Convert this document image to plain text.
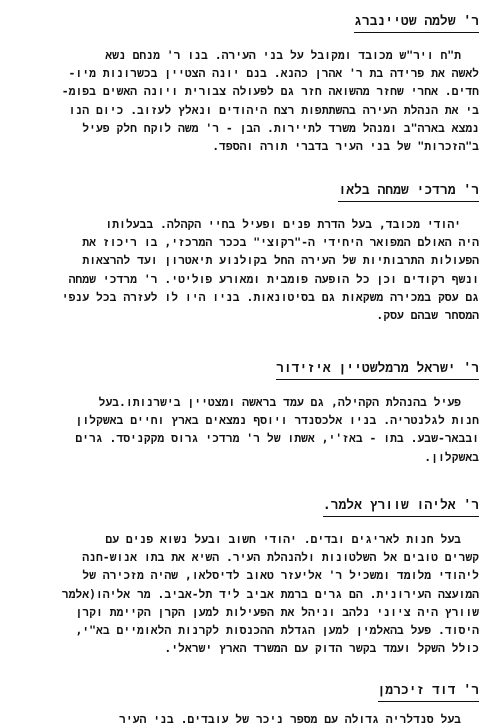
ר' שלמה שטיינברג
ת"ח ויר"ש מכובד ומקובל על בני העירה. בנו ר' מנחם נשא
לאשה את פרידה בת ר' אהרן כהנא. בנם יונה הצטיין בכשרונות מיו-
חדים. אחרי שחזר מהשואה חזר גם לפעולה צבורית ויונה האשים בפומ-
בי את הנהלת העירה בהשתתפות רצח היהודים ונאלץ לעזוב. כיום הנו
נמצא בארה"ב ומנהל משרד לתיירות. הבן - ר' משה לוקח חלק פעיל
ב"הזכרות" של בני העיר בדברי תורה והספד.
ר' מרדכי שמחה בלאו
יהודי מכובד, בעל הדרת פנים ופעיל בחיי הקהלה. בבעלותו
היה האולם המפואר היחידי ה-"רקוצי" בככר המרכזי, בו ריכוז את
הפעולות התרבותיות של העירה החל בקולנוע תיאטרון ועד להרצאות
ונשף רקודים וכן כל הופעה פומבית ומאורע פוליטי. ר' מרדכי שמחה
גם עסק במכירה משקאות גם בסיטונאות. בניו היו לו לעזרה בכל ענפי
המסחר שבהם עסק.
ר' ישראל מרמלשטיין איזידור
פעיל בהנהלת הקהילה, גם עמד בראשה ומצטיין בישרנותו.בעל
חנות לגלנטריה. בניו אלכסנדר ויוסף נמצאים בארץ וחיים באשקלון
ובבאר-שבע. בתו - באז'י, אשתו של ר' מרדכי גרוס מקקניסד. גרים
באשקלון.
ר' אליהו שוורץ אלמר.
בעל חנות לאריגים ובדים. יהודי חשוב ובעל נשוא פנים עם
קשרים טובים אל השלטונות ולהנהלת העיר. השיא את בתו אנוש-חנה
ליהודי מלומד ומשכיל ר' אליעזר טאוב לדיסלאו, שהיה מזכירה של
המועצה העירונית. הם גרים ברמת אביב ליד תל-אביב. מר אליהו(אלמר
שוורץ היה ציוני נלהב וניהל את הפעילות למען הקרן הקיימת וקרן
היסוד. פעל בהאלמין למען הגדלת ההכנסות לקרנות הלאומיים בא"י,
כולל השקל ועמד בקשר הדוק עם המשרד הארץ ישראלי.
ר' דוד זיכרמן
בעל סנדלריה גדולה עם מספר ניכר של עובדים. בני העיר
